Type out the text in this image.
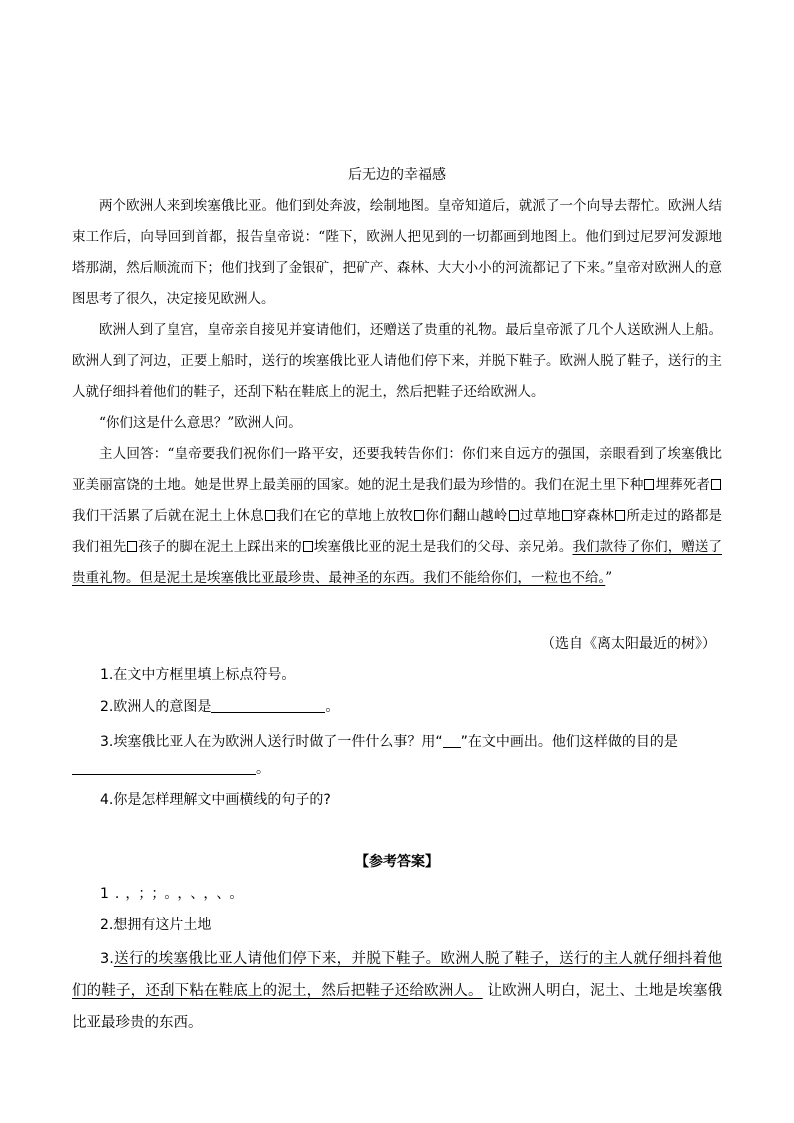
后无边的幸福感
两个欧洲人来到埃塞俄比亚。他们到处奔波，绘制地图。皇帝知道后，就派了一个向导去帮忙。欧洲人结束工作后，向导回到首都，报告皇帝说：“陛下，欧洲人把见到的一切都画到地图上。他们到过尼罗河发源地塔那湖，然后顺流而下；他们找到了金银矿，把矿产、森林、大大小小的河流都记了下来。”皇帝对欧洲人的意图思考了很久，决定接见欧洲人。
欧洲人到了皇宫，皇帝亲自接见并宴请他们，还赠送了贵重的礼物。最后皇帝派了几个人送欧洲人上船。欧洲人到了河边，正要上船时，送行的埃塞俄比亚人请他们停下来，并脱下鞋子。欧洲人脱了鞋子，送行的主人就仔细抖着他们的鞋子，还刮下粘在鞋底上的泥土，然后把鞋子还给欧洲人。
“你们这是什么意思？”欧洲人问。
主人回答：“皇帝要我们祝你们一路平安，还要我转告你们：你们来自远方的强国，亲眼看到了埃塞俄比亚美丽富饶的土地。她是世界上最美丽的国家。她的泥土是我们最为珍惜的。我们在泥土里下种 埋葬死者我们干活累了后就在泥土上休息 我们在它的草地上放牧 你们翻山越岭 过草地 穿森林 所走过的路都是我们祖先 孩子的脚在泥土上踩出来的 埃塞俄比亚的泥土是我们的父母、亲兄弟。我们款待了你们，赠送了贵重礼物。但是泥土是埃塞俄比亚最珍贵、最神圣的东西。我们不能给你们，一粒也不给。”
（选自《离太阳最近的树》）
1.在文中方框里填上标点符号。
2.欧洲人的意图是	。
3.埃塞俄比亚人在为欧洲人送行时做了一件什么事？用“ ”在文中画出。他们这样做的目的是
。
4.你是怎样理解文中画横线的句子的?
【参考答案】
1.，；；。，、，、。
2.想拥有这片土地
3.送行的埃塞俄比亚人请他们停下来，并脱下鞋子。欧洲人脱了鞋子，送行的主人就仔细抖着他们的鞋子，还刮下粘在鞋底上的泥土，然后把鞋子还给欧洲人。 让欧洲人明白，泥土、土地是埃塞俄比亚最珍贵的东西。
